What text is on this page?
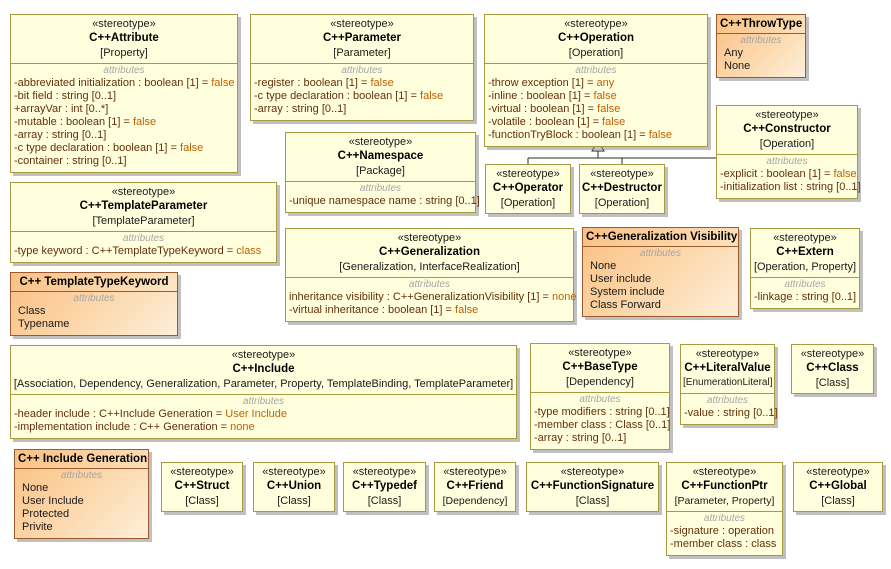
«stereotype»
C++Attribute
[Property]
attributes
-abbreviated initialization : boolean [1] = false
-bit field : string [0..1]
+arrayVar : int [0..*]
-mutable : boolean [1] = false
-array : string [0..1]
-c type declaration : boolean [1] = false
-container : string [0..1]
«stereotype»
C++Parameter
[Parameter]
attributes
-register : boolean [1] = false
-c type declaration : boolean [1] = false
-array : string [0..1]
«stereotype»
C++Operation
[Operation]
attributes
-throw exception [1] = any
-inline : boolean [1] = false
-virtual : boolean [1] = false
-volatile : boolean [1] = false
-functionTryBlock : boolean [1] = false
C++ThrowType
attributes
Any
None
«stereotype»
C++Constructor
[Operation]
attributes
-explicit : boolean [1] = false
-initialization list : string [0..1]
«stereotype»
C++Namespace
[Package]
attributes
-unique namespace name : string [0..1]
«stereotype»
C++Operator
[Operation]
«stereotype»
C++Destructor
[Operation]
«stereotype»
C++TemplateParameter
[TemplateParameter]
attributes
-type keyword : C++TemplateTypeKeyword = class
«stereotype»
C++Generalization
[Generalization, InterfaceRealization]
attributes
inheritance visibility : C++GeneralizationVisibility [1] = none
-virtual inheritance : boolean [1] = false
C++Generalization Visibility
attributes
None
User include
System include
Class Forward
«stereotype»
C++Extern
[Operation, Property]
attributes
-linkage : string [0..1]
C++ TemplateTypeKeyword
attributes
Class
Typename
«stereotype»
C++Include
[Association, Dependency, Generalization, Parameter, Property, TemplateBinding, TemplateParameter]
attributes
-header include : C++Include Generation = User Include
-implementation include : C++ Generation = none
«stereotype»
C++BaseType
[Dependency]
attributes
-type modifiers : string [0..1]
-member class : Class [0..1]
-array : string [0..1]
«stereotype»
C++LiteralValue
[EnumerationLiteral]
attributes
-value : string [0..1]
«stereotype»
C++Class
[Class]
C++ Include Generation
attributes
None
User Include
Protected
Privite
«stereotype»
C++Struct
[Class]
«stereotype»
C++Union
[Class]
«stereotype»
C++Typedef
[Class]
«stereotype»
C++Friend
[Dependency]
«stereotype»
C++FunctionSignature
[Class]
«stereotype»
C++FunctionPtr
[Parameter, Property]
attributes
-signature : operation
-member class : class
«stereotype»
C++Global
[Class]
